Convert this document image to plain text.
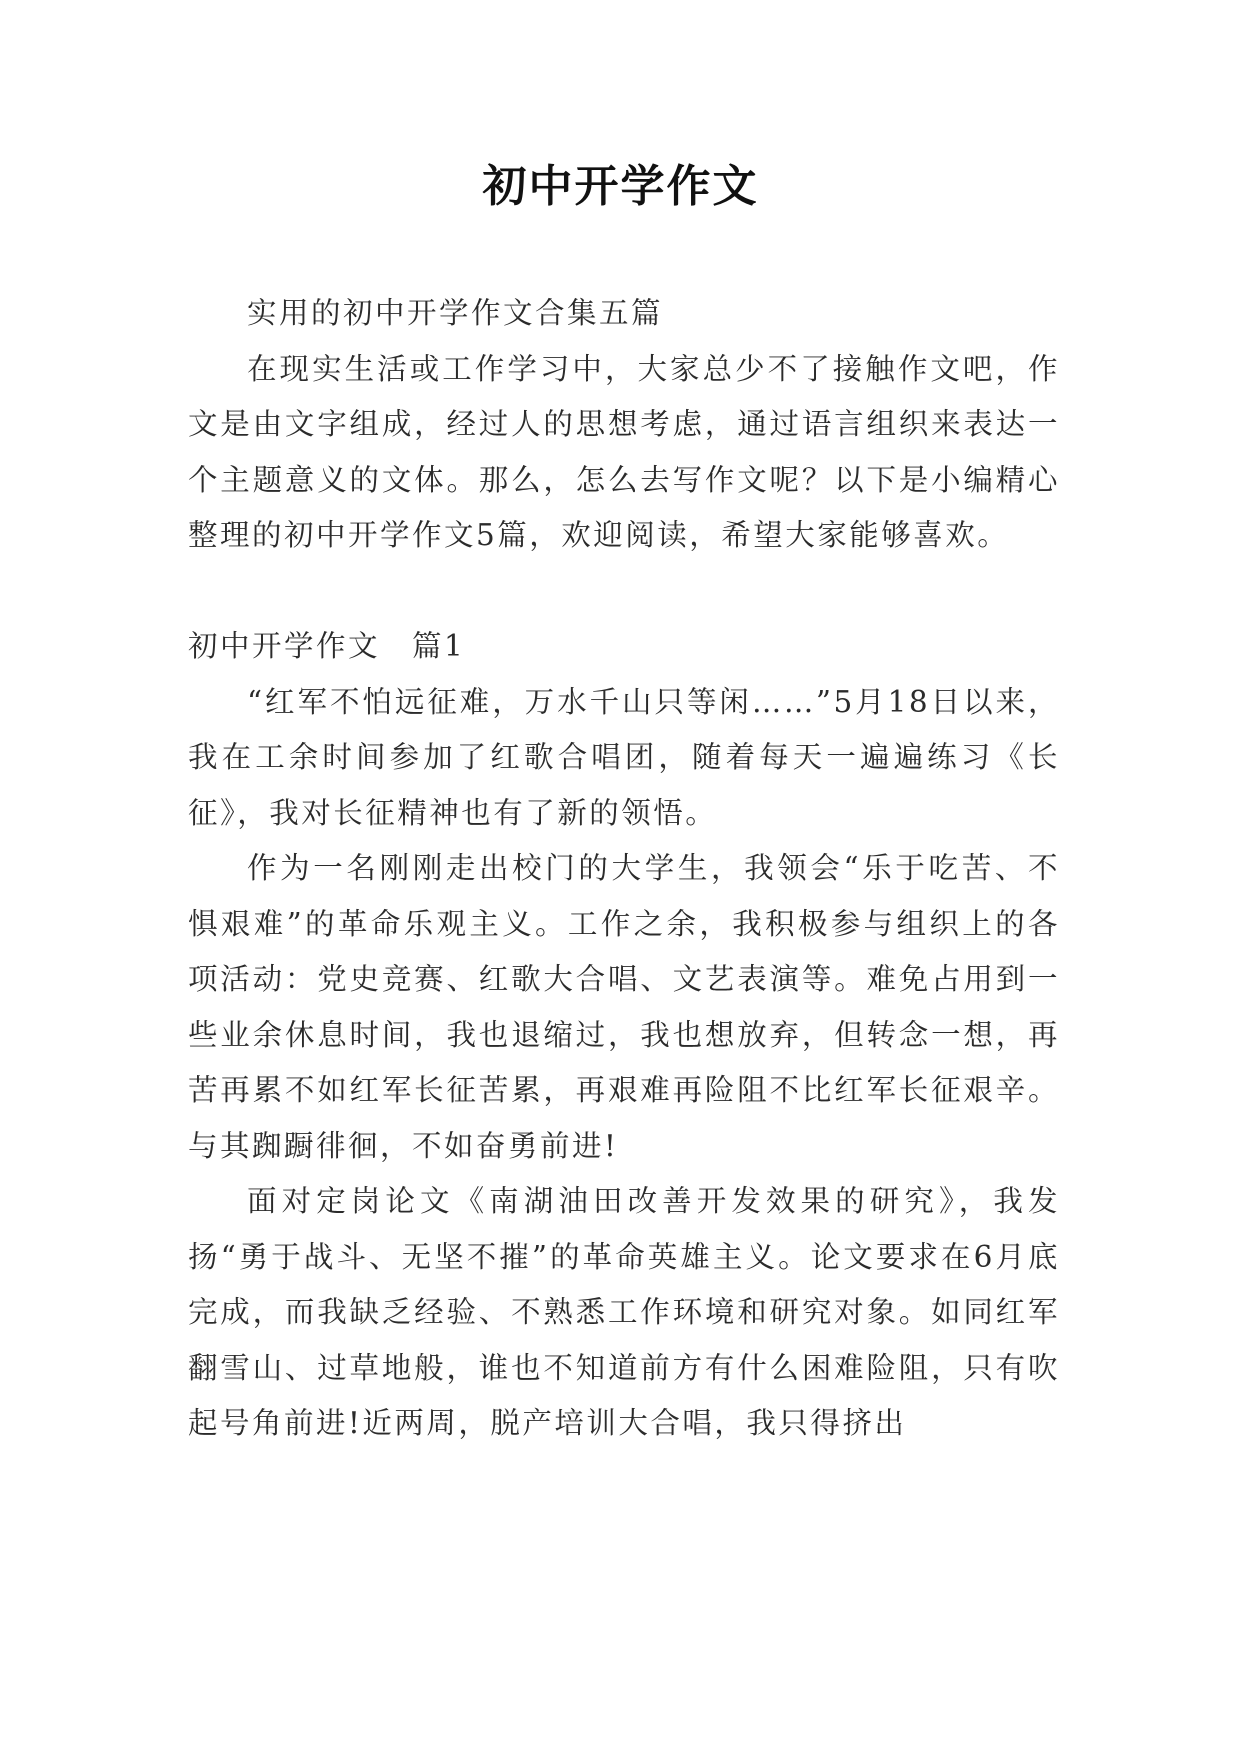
初中开学作文

实用的初中开学作文合集五篇

在现实生活或工作学习中，大家总少不了接触作文吧，作文是由文字组成，经过人的思想考虑，通过语言组织来表达一个主题意义的文体。那么，怎么去写作文呢？以下是小编精心整理的初中开学作文5篇，欢迎阅读，希望大家能够喜欢。

初中开学作文　篇1

“红军不怕远征难，万水千山只等闲……”5月18日以来，我在工余时间参加了红歌合唱团，随着每天一遍遍练习《长征》，我对长征精神也有了新的领悟。

作为一名刚刚走出校门的大学生，我领会“乐于吃苦、不惧艰难”的革命乐观主义。工作之余，我积极参与组织上的各项活动：党史竞赛、红歌大合唱、文艺表演等。难免占用到一些业余休息时间，我也退缩过，我也想放弃，但转念一想，再苦再累不如红军长征苦累，再艰难再险阻不比红军长征艰辛。与其踟蹰徘徊，不如奋勇前进!

面对定岗论文《南湖油田改善开发效果的研究》，我发扬“勇于战斗、无坚不摧”的革命英雄主义。论文要求在6月底完成，而我缺乏经验、不熟悉工作环境和研究对象。如同红军翻雪山、过草地般，谁也不知道前方有什么困难险阻，只有吹起号角前进!近两周，脱产培训大合唱，我只得挤出
